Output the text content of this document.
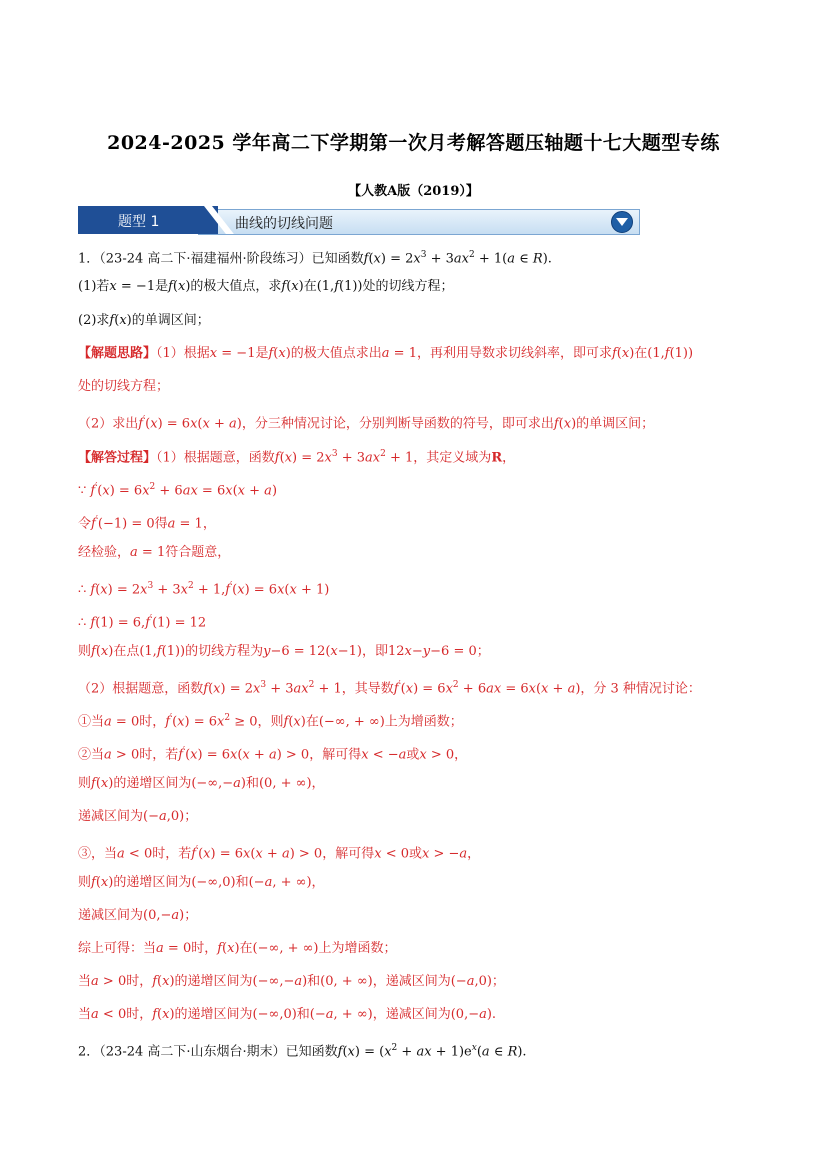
2024-2025 学年高二下学期第一次月考解答题压轴题十七大题型专练
【人教A版（2019）】
曲线的切线问题
题型 1
1．（23-24 高二下·福建福州·阶段练习）已知函数$f(x) = 2x^3 + 3ax^2 + 1(a$ ∈ R).
(1)若x = −1是f(x)的极大值点，求f(x)在(1,f(1))处的切线方程；
(2)求f(x)的单调区间；
【解题思路】（1）根据x = −1是f(x)的极大值点求出a = 1，再利用导数求切线斜率，即可求f(x)在(1,f(1))
处的切线方程；
（2）求出f′(x) = 6x(x + a)，分三种情况讨论，分别判断导函数的符号，即可求出f(x)的单调区间；
【解答过程】（1）根据题意，函数$f(x) = 2x^3 + 3ax^2 + 1$，其定义域为R，
∵ $f'(x) = 6x^2 + 6ax = 6x(x + a)$
令f′(−1) = 0得a = 1，
经检验，a = 1符合题意，
∴ $f(x) = 2x^3 + 3x^2 + 1,f'(x) = 6x(x + 1)$
∴ f(1) = 6,f′(1) = 12
则f(x)在点(1,f(1))的切线方程为y−6 = 12(x−1)，即12x−y−6 = 0；
（2）根据题意，函数$f(x) = 2x^3 + 3ax^2 + 1$，其导数$f'(x) = 6x^2 + 6ax = 6x(x + a)$，分 3 种情况讨论：
①当a = 0时，$f'(x) = 6x^2 \ge 0$，则f(x)在(−∞, + ∞)上为增函数；
②当a > 0时，若f′(x) = 6x(x + a) > 0，解可得x < −a或x > 0，
则f(x)的递增区间为(−∞,−a)和(0, + ∞)，
递减区间为(−a,0)；
③，当a < 0时，若f′(x) = 6x(x + a) > 0，解可得x < 0或x > −a，
则f(x)的递增区间为(−∞,0)和(−a, + ∞)，
递减区间为(0,−a)；
综上可得：当a = 0时，f(x)在(−∞, + ∞)上为增函数；
当a > 0时，f(x)的递增区间为(−∞,−a)和(0, + ∞)，递减区间为(−a,0)；
当a < 0时，f(x)的递增区间为(−∞,0)和(−a, + ∞)，递减区间为(0,−a).
2．（23-24 高二下·山东烟台·期末）已知函数$f(x) = (x^2$ + ax + $1)e^x(a$ ∈ R).
